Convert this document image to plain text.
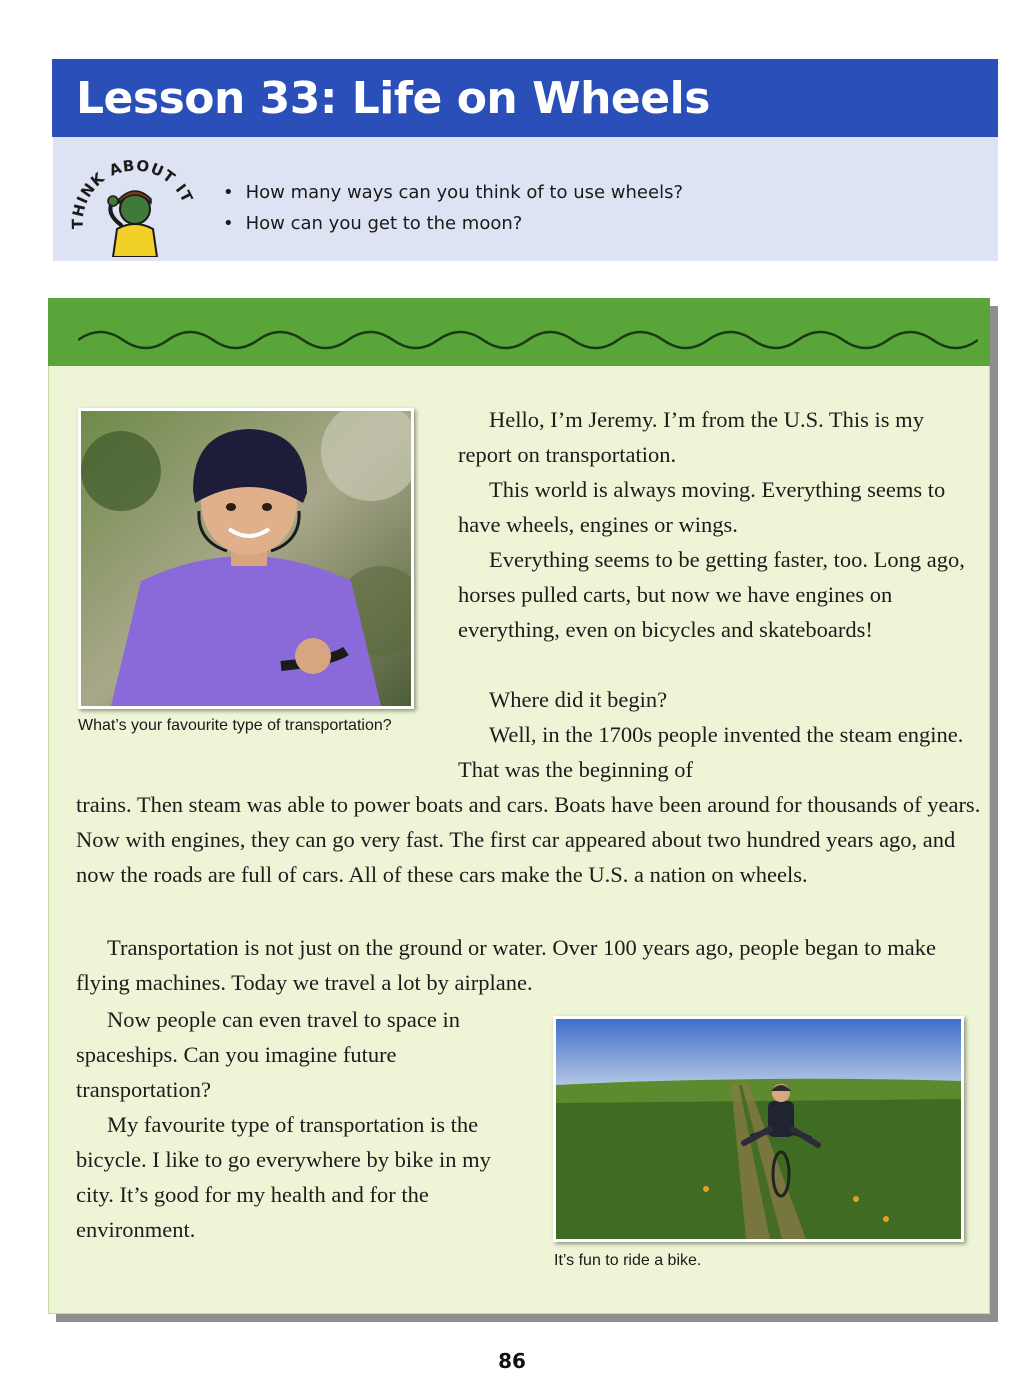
Lesson 33: Life on Wheels
THINK ABOUT IT
•	How many ways can you think of to use wheels?
• How can you get to the moon?

What’s your favourite type of transportation?

Hello, I’m Jeremy. I’m from the U.S. This is my report on transportation.

This world is always moving. Everything seems to have wheels, engines or wings.

Everything seems to be getting faster, too. Long ago, horses pulled carts, but now we have engines on everything, even on bicycles and skateboards!

Where did it begin?

Well, in the 1700s people invented the steam engine. That was the beginning of

trains. Then steam was able to power boats and cars. Boats have been around for thousands of years. Now with engines, they can go very fast. The first car appeared about two hundred years ago, and now the roads are full of cars. All of these cars make the U.S. a nation on wheels.

Transportation is not just on the ground or water. Over 100 years ago, people began to make flying machines. Today we travel a lot by airplane.

Now people can even travel to space in spaceships. Can you imagine future transportation?

My favourite type of transportation is the bicycle. I like to go everywhere by bike in my city. It’s good for my health and for the environment.

It’s fun to ride a bike.

86
